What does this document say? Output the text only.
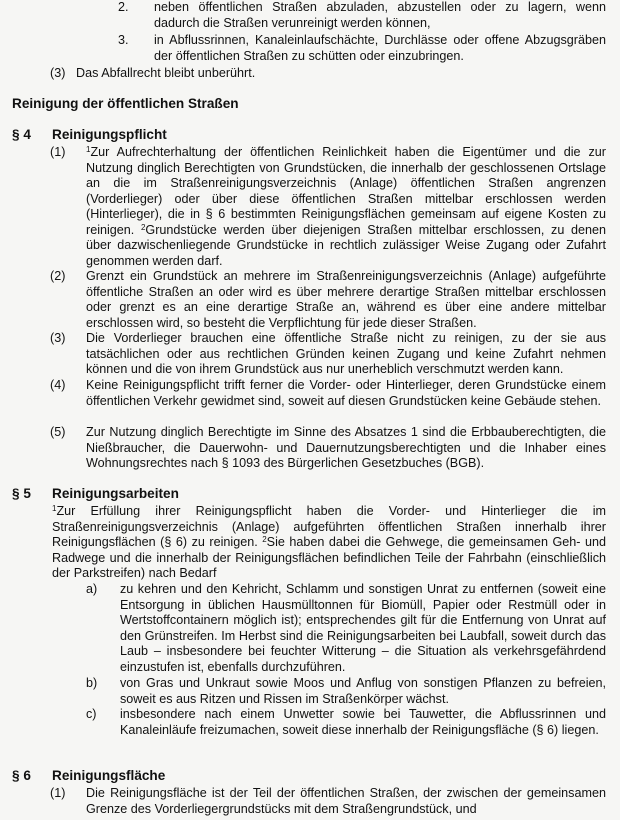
2.	neben öffentlichen Straßen abzuladen, abzustellen oder zu lagern, wenn dadurch die Straßen verunreinigt werden können,
3.	in Abflussrinnen, Kanaleinlaufschächte, Durchlässe oder offene Abzugsgräben der öffentlichen Straßen zu schütten oder einzubringen.
(3) Das Abfallrecht bleibt unberührt.
Reinigung der öffentlichen Straßen
§ 4	Reinigungspflicht
(1)	$^1$Zur Aufrechterhaltung der öffentlichen Reinlichkeit haben die Eigentümer und die zur Nutzung dinglich Berechtigten von Grundstücken, die innerhalb der geschlossenen Ortslage an die im Straßenreinigungsverzeichnis (Anlage) öffentlichen Straßen angrenzen (Vorderlieger) oder über diese öffentlichen Straßen mittelbar erschlossen werden (Hinterlieger), die in § 6 bestimmten Reinigungsflächen gemeinsam auf eigene Kosten zu reinigen. $^2$Grundstücke werden über diejenigen Straßen mittelbar erschlossen, zu denen über dazwischenliegende Grundstücke in rechtlich zulässiger Weise Zugang oder Zufahrt genommen werden darf.
(2)	Grenzt ein Grundstück an mehrere im Straßenreinigungsverzeichnis (Anlage) aufgeführte öffentliche Straßen an oder wird es über mehrere derartige Straßen mittelbar erschlossen oder grenzt es an eine derartige Straße an, während es über eine andere mittelbar erschlossen wird, so besteht die Verpflichtung für jede dieser Straßen.
(3)	Die Vorderlieger brauchen eine öffentliche Straße nicht zu reinigen, zu der sie aus tatsächlichen oder aus rechtlichen Gründen keinen Zugang und keine Zufahrt nehmen können und die von ihrem Grundstück aus nur unerheblich verschmutzt werden kann.
(4)	Keine Reinigungspflicht trifft ferner die Vorder- oder Hinterlieger, deren Grundstücke einem öffentlichen Verkehr gewidmet sind, soweit auf diesen Grundstücken keine Gebäude stehen.
(5)	Zur Nutzung dinglich Berechtigte im Sinne des Absatzes 1 sind die Erbbauberechtigten, die Nießbraucher, die Dauerwohn- und Dauernutzungsberechtigten und die Inhaber eines Wohnungsrechtes nach § 1093 des Bürgerlichen Gesetzbuches (BGB).
§ 5	Reinigungsarbeiten
$^1$Zur Erfüllung ihrer Reinigungspflicht haben die Vorder- und Hinterlieger die im Straßenreinigungsverzeichnis (Anlage) aufgeführten öffentlichen Straßen innerhalb ihrer Reinigungsflächen (§ 6) zu reinigen. $^2$Sie haben dabei die Gehwege, die gemeinsamen Geh- und Radwege und die innerhalb der Reinigungsflächen befindlichen Teile der Fahrbahn (einschließlich der Parkstreifen) nach Bedarf
a)	zu kehren und den Kehricht, Schlamm und sonstigen Unrat zu entfernen (soweit eine Entsorgung in üblichen Hausmülltonnen für Biomüll, Papier oder Restmüll oder in Wertstoffcontainern möglich ist); entsprechendes gilt für die Entfernung von Unrat auf den Grünstreifen. Im Herbst sind die Reinigungsarbeiten bei Laubfall, soweit durch das Laub – insbesondere bei feuchter Witterung – die Situation als verkehrsgefährdend einzustufen ist, ebenfalls durchzuführen.
b)	von Gras und Unkraut sowie Moos und Anflug von sonstigen Pflanzen zu befreien, soweit es aus Ritzen und Rissen im Straßenkörper wächst.
c)	insbesondere nach einem Unwetter sowie bei Tauwetter, die Abflussrinnen und Kanaleinläufe freizumachen, soweit diese innerhalb der Reinigungsfläche (§ 6) liegen.
§ 6	Reinigungsfläche
(1)	Die Reinigungsfläche ist der Teil der öffentlichen Straßen, der zwischen der gemeinsamen Grenze des Vorderliegergrundstücks mit dem Straßengrundstück, und
